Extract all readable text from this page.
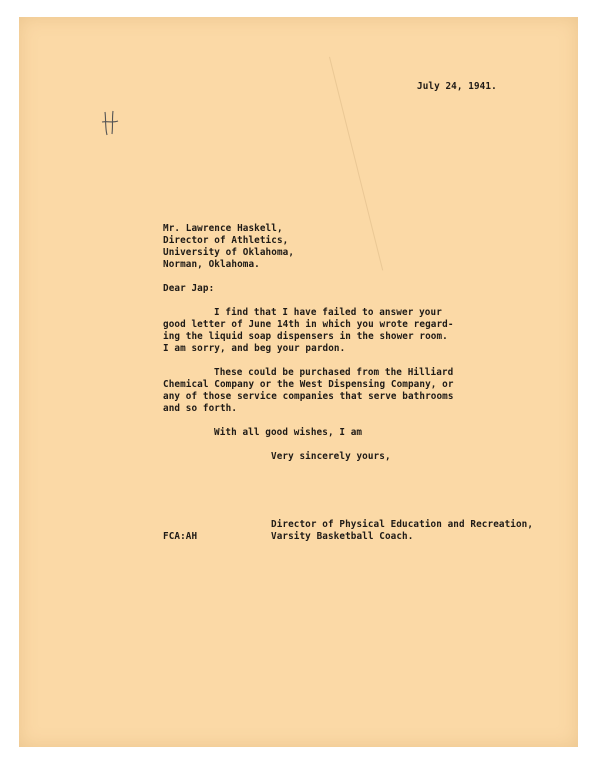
July 24, 1941.
Mr. Lawrence Haskell,
Director of Athletics,
University of Oklahoma,
Norman, Oklahoma.
Dear Jap:
I find that I have failed to answer your
good letter of June 14th in which you wrote regard-
ing the liquid soap dispensers in the shower room.
I am sorry, and beg your pardon.
These could be purchased from the Hilliard
Chemical Company or the West Dispensing Company, or
any of those service companies that serve bathrooms
and so forth.
With all good wishes, I am
Very sincerely yours,
Director of Physical Education and Recreation,
Varsity Basketball Coach.
FCA:AH
